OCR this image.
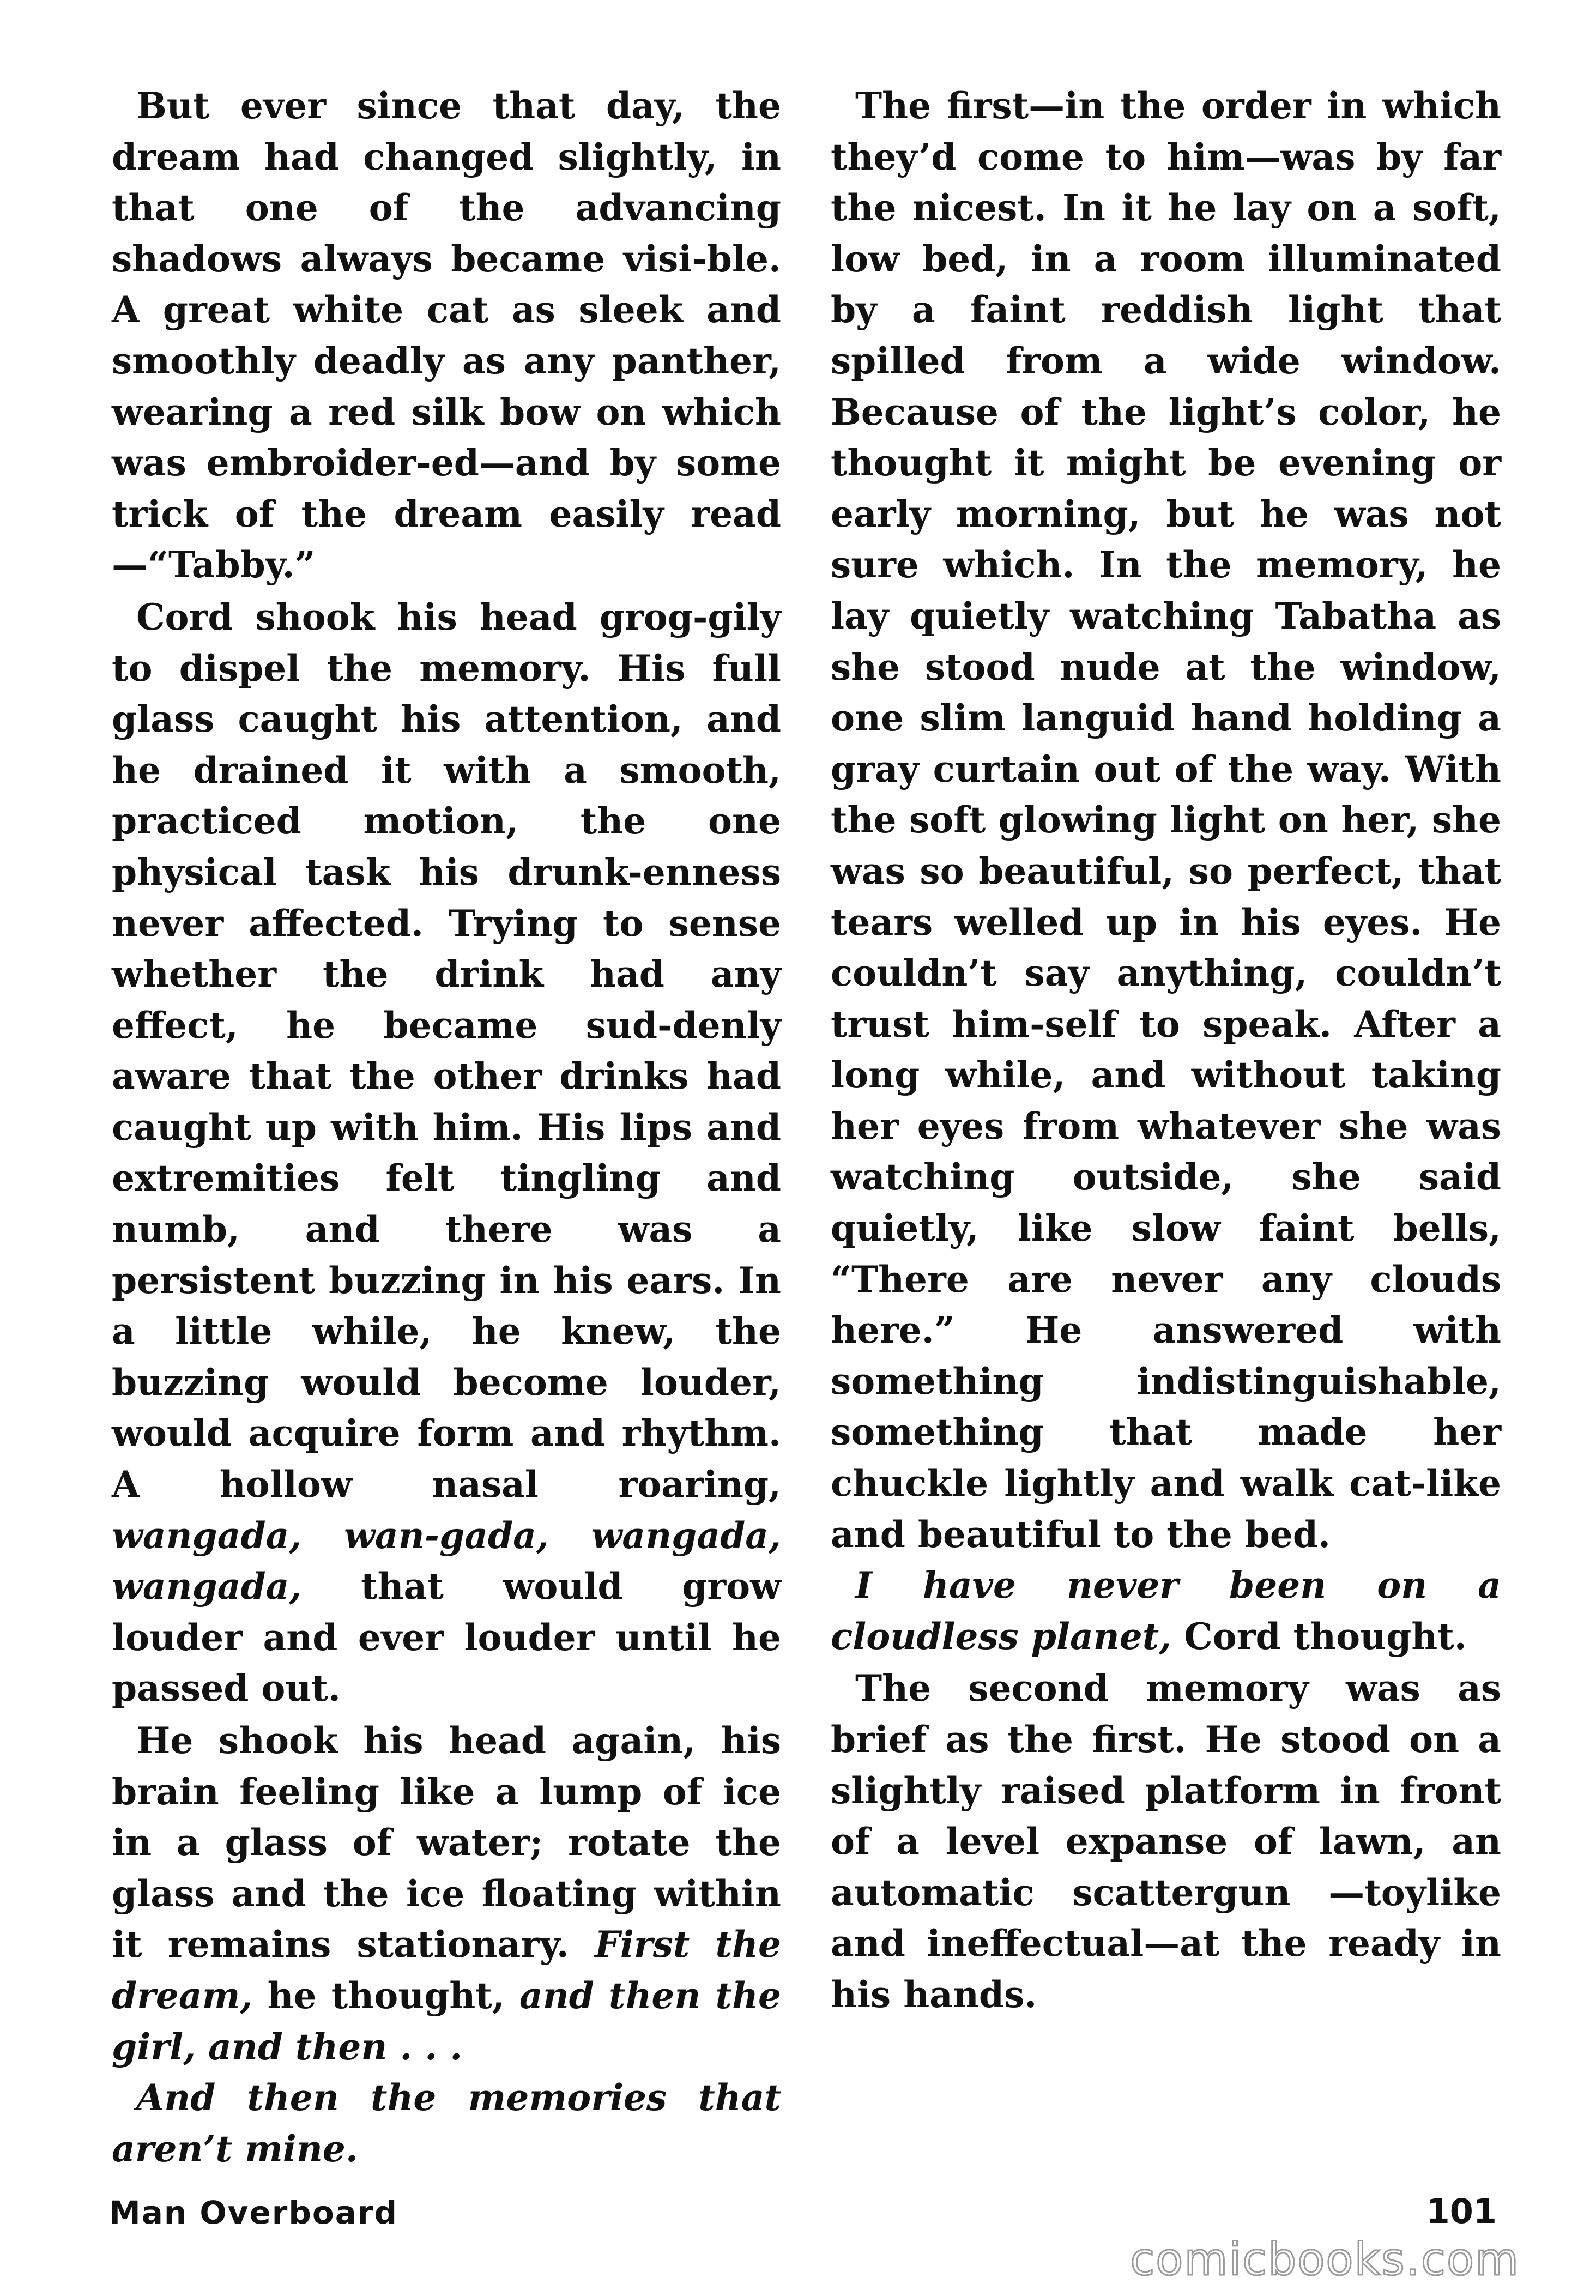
But ever since that day, the dream had changed slightly, in that one of the advancing shadows always became visi-ble. A great white cat as sleek and smoothly deadly as any panther, wearing a red silk bow on which was embroider-ed—and by some trick of the dream easily read—“Tabby.”

Cord shook his head grog-gily to dispel the memory. His full glass caught his attention, and he drained it with a smooth, practiced motion, the one physical task his drunk-enness never affected. Trying to sense whether the drink had any effect, he became sud-denly aware that the other drinks had caught up with him. His lips and extremities felt tingling and numb, and there was a persistent buzzing in his ears. In a little while, he knew, the buzzing would become louder, would acquire form and rhythm. A hollow nasal roaring, wangada, wan-gada, wangada, wangada, that would grow louder and ever louder until he passed out.

He shook his head again, his brain feeling like a lump of ice in a glass of water; rotate the glass and the ice floating within it remains stationary. First the dream, he thought, and then the girl, and then . . .

And then the memories that aren’t mine.

The first—in the order in which they’d come to him—was by far the nicest. In it he lay on a soft, low bed, in a room illuminated by a faint reddish light that spilled from a wide window. Because of the light’s color, he thought it might be evening or early morning, but he was not sure which. In the memory, he lay quietly watching Tabatha as she stood nude at the window, one slim languid hand holding a gray curtain out of the way. With the soft glowing light on her, she was so beautiful, so perfect, that tears welled up in his eyes. He couldn’t say anything, couldn’t trust him-self to speak. After a long while, and without taking her eyes from whatever she was watching outside, she said quietly, like slow faint bells, “There are never any clouds here.” He answered with something indistinguishable, something that made her chuckle lightly and walk cat-like and beautiful to the bed.

I have never been on a cloudless planet, Cord thought.

The second memory was as brief as the first. He stood on a slightly raised platform in front of a level expanse of lawn, an automatic scattergun —toylike and ineffectual—at the ready in his hands.

Man Overboard	101
comicbooks.com
